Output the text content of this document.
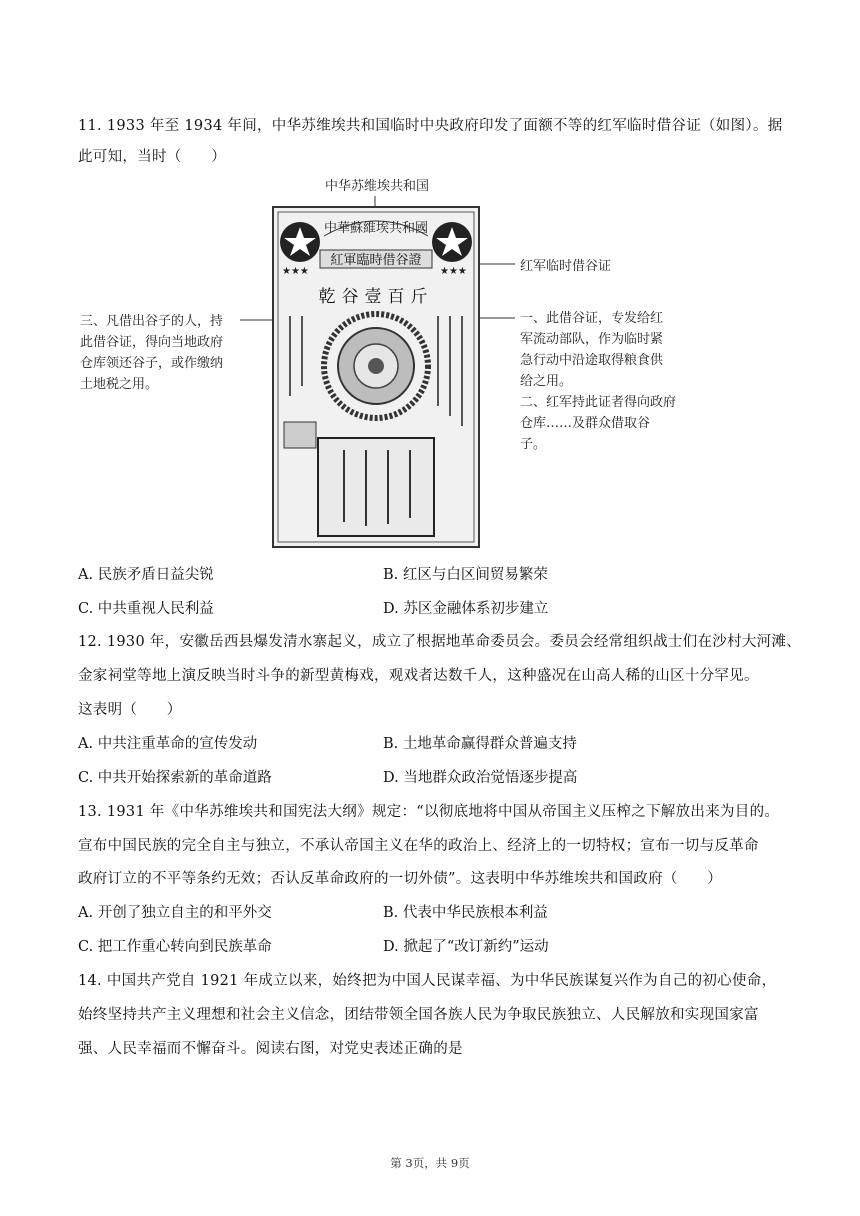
11. 1933 年至 1934 年间，中华苏维埃共和国临时中央政府印发了面额不等的红军临时借谷证（如图）。据
此可知，当时（　　）
中华苏维埃共和国
红军临时借谷证
三、凡借出谷子的人，持
此借谷证，得向当地政府
仓库领还谷子，或作缴纳
土地税之用。
一、此借谷证，专发给红
军流动部队，作为临时紧
急行动中沿途取得粮食供
给之用。
二、红军持此证者得向政府
仓库……及群众借取谷
子。
★★★	★★★
中華蘇維埃共和國
紅軍臨時借谷證
乾谷壹百斤
A. 民族矛盾日益尖锐	B. 红区与白区间贸易繁荣
C. 中共重视人民利益	D. 苏区金融体系初步建立
12. 1930 年，安徽岳西县爆发清水寨起义，成立了根据地革命委员会。委员会经常组织战士们在沙村大河滩、
金家祠堂等地上演反映当时斗争的新型黄梅戏，观戏者达数千人，这种盛况在山高人稀的山区十分罕见。
这表明（　　）
A. 中共注重革命的宣传发动	B. 土地革命赢得群众普遍支持
C. 中共开始探索新的革命道路	D. 当地群众政治觉悟逐步提高
13. 1931 年《中华苏维埃共和国宪法大纲》规定：“以彻底地将中国从帝国主义压榨之下解放出来为目的。
宣布中国民族的完全自主与独立，不承认帝国主义在华的政治上、经济上的一切特权；宣布一切与反革命
政府订立的不平等条约无效；否认反革命政府的一切外债”。这表明中华苏维埃共和国政府（　　）
A. 开创了独立自主的和平外交	B. 代表中华民族根本利益
C. 把工作重心转向到民族革命	D. 掀起了“改订新约”运动
14. 中国共产党自 1921 年成立以来，始终把为中国人民谋幸福、为中华民族谋复兴作为自己的初心使命，
始终坚持共产主义理想和社会主义信念，团结带领全国各族人民为争取民族独立、人民解放和实现国家富
强、人民幸福而不懈奋斗。阅读右图，对党史表述正确的是
第 3页，共 9页
